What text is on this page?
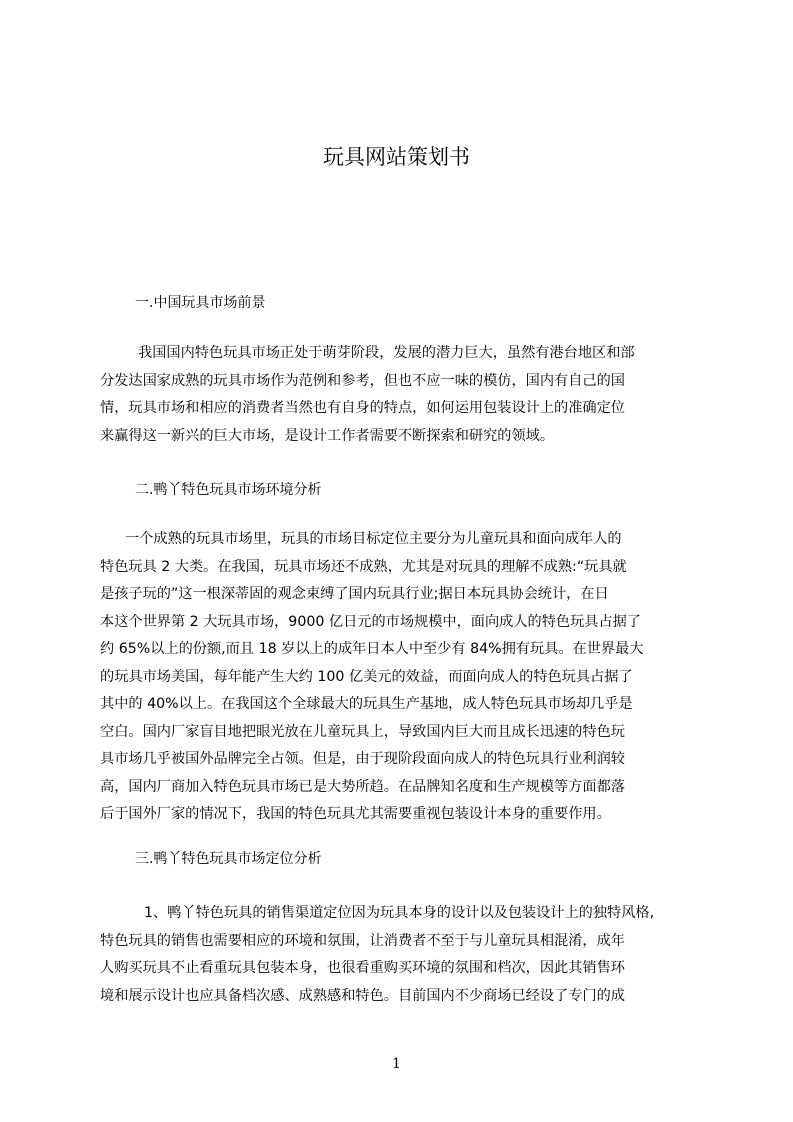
玩具网站策划书
一.中国玩具市场前景
我国国内特色玩具市场正处于萌芽阶段，发展的潜力巨大，虽然有港台地区和部
分发达国家成熟的玩具市场作为范例和参考，但也不应一味的模仿，国内有自己的国
情，玩具市场和相应的消费者当然也有自身的特点，如何运用包装设计上的准确定位
来赢得这一新兴的巨大市场，是设计工作者需要不断探索和研究的领域。
二.鸭丫特色玩具市场环境分析
一个成熟的玩具市场里，玩具的市场目标定位主要分为儿童玩具和面向成年人的
特色玩具 2 大类。在我国，玩具市场还不成熟，尤其是对玩具的理解不成熟:“玩具就
是孩子玩的”这一根深蒂固的观念束缚了国内玩具行业;据日本玩具协会统计，在日
本这个世界第 2 大玩具市场，9000 亿日元的市场规模中，面向成人的特色玩具占据了
约 65%以上的份额,而且 18 岁以上的成年日本人中至少有 84%拥有玩具。在世界最大
的玩具市场美国，每年能产生大约 100 亿美元的效益，而面向成人的特色玩具占据了
其中的 40%以上。在我国这个全球最大的玩具生产基地，成人特色玩具市场却几乎是
空白。国内厂家盲目地把眼光放在儿童玩具上，导致国内巨大而且成长迅速的特色玩
具市场几乎被国外品牌完全占领。但是，由于现阶段面向成人的特色玩具行业利润较
高，国内厂商加入特色玩具市场已是大势所趋。在品牌知名度和生产规模等方面都落
后于国外厂家的情况下，我国的特色玩具尤其需要重视包装设计本身的重要作用。
三.鸭丫特色玩具市场定位分析
1、鸭丫特色玩具的销售渠道定位因为玩具本身的设计以及包装设计上的独特风格,
特色玩具的销售也需要相应的环境和氛围，让消费者不至于与儿童玩具相混淆，成年
人购买玩具不止看重玩具包装本身，也很看重购买环境的氛围和档次，因此其销售环
境和展示设计也应具备档次感、成熟感和特色。目前国内不少商场已经设了专门的成
1
